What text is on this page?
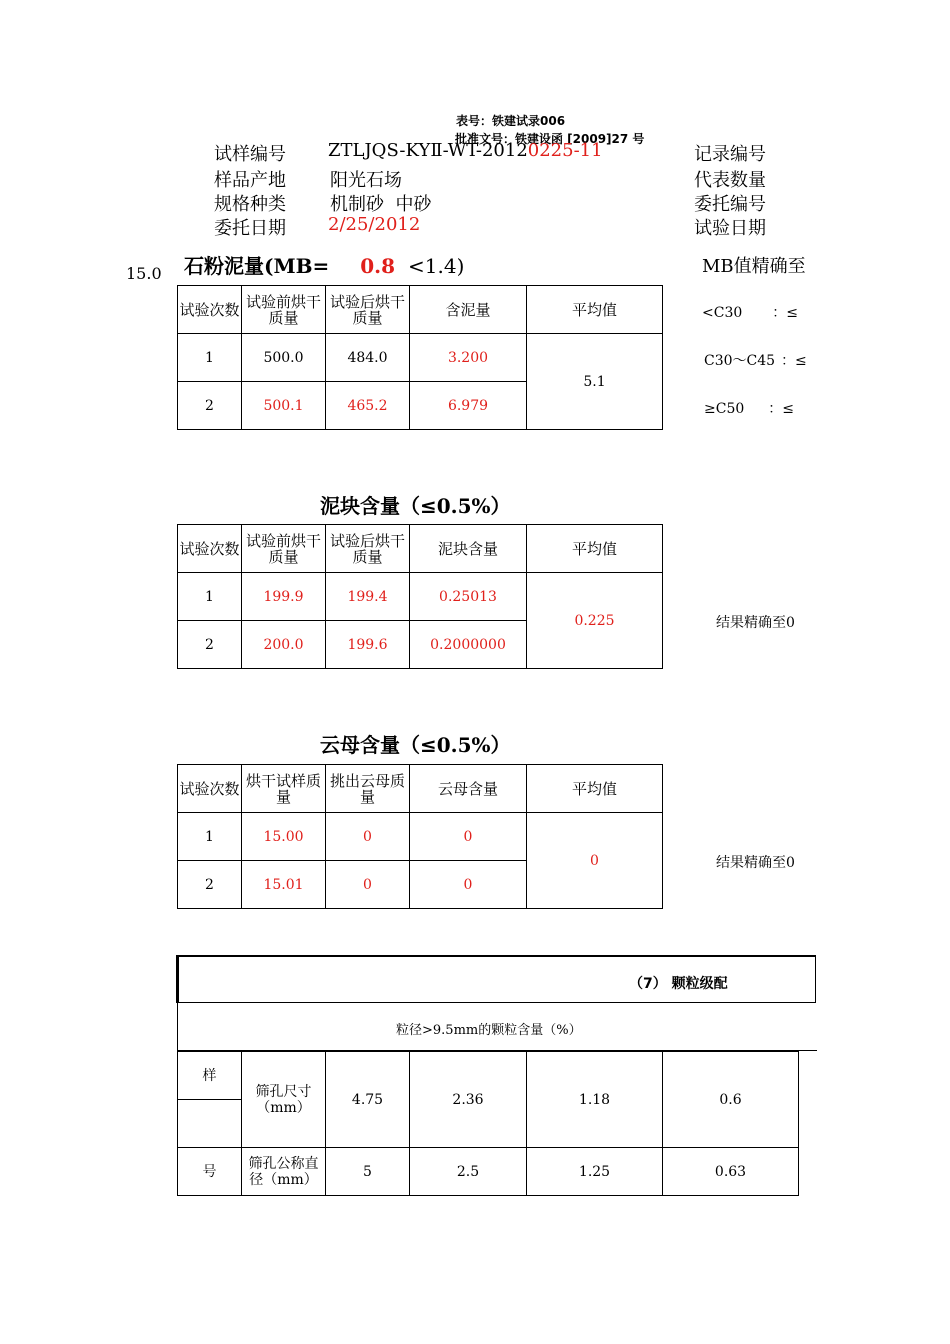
表号：铁建试录006
批准文号：铁建设函 [2009]27 号
试样编号 ZTLJQS-KYⅡ-WT-20120225-11	记录编号
样品产地 阳光石场	代表数量
规格种类 机制砂  中砂	委托编号
委托日期 2/25/2012	试验日期
15.0 石粉泥量(MB= 0.8 <1.4)	MB值精确至
试验次数	试验前烘干质量	试验后烘干质量	含泥量	平均值
1	500.0	484.0	3.200	5.1
2	500.1	465.2	6.979	
<C30 ：≤
C30～C45 ：≤
≥C50 ：≤
泥块含量（≤0.5%）
试验次数	试验前烘干质量	试验后烘干质量	泥块含量	平均值
1	199.9	199.4	0.25013	0.225
2	200.0	199.6	0.2000000	
结果精确至0
云母含量（≤0.5%）
试验次数	烘干试样质量	挑出云母质量	云母含量	平均值
1	15.00	0	0	0
2	15.01	0	0	
结果精确至0
（7） 颗粒级配
粒径>9.5mm的颗粒含量（%）
样	筛孔尺寸（mm）	4.75	2.36	1.18	0.6

号	筛孔公称直径（mm）	5	2.5	1.25	0.63
